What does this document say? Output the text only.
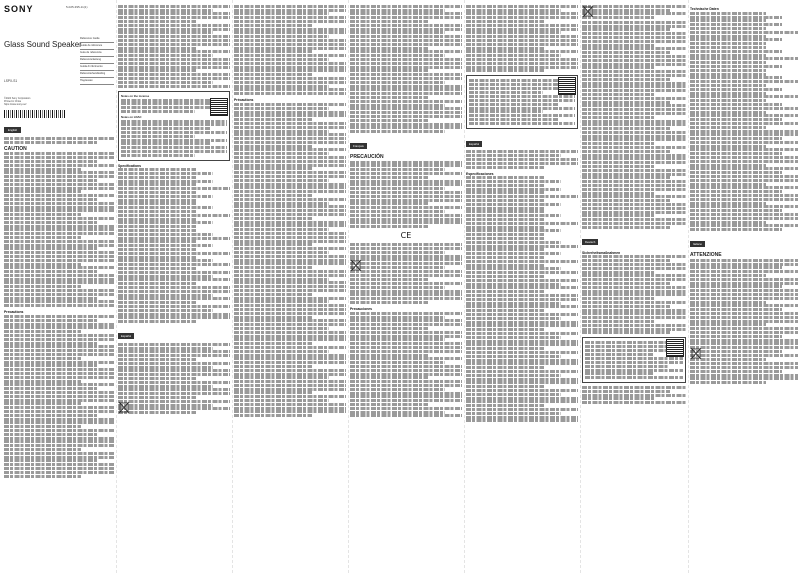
SONY	5-025-395-11(1)
Glass Sound Speaker
Reference Guide
Guide de référence
Guía de referencia
Referenzanleitung
Guida di riferimento
Referentiehandleiding
Подсказки
LSPX-S1
©2024 Sony Corporation
Printed in China
https://www.sony.net/
English
CAUTION
Precautions
Notes on the License
Notes on LDAC
Specifications
Español
Précautions
Français
PRECAUCIÓN
CE
Precauciones
Español
Especificaciones
Deutsch
Sicherheitsmaßnahmen
Technische Daten
Italiano
ATTENZIONE
